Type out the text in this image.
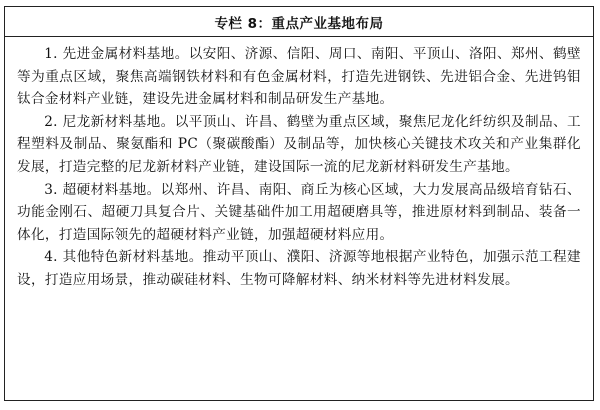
专栏 8：重点产业基地布局

1. 先进金属材料基地。以安阳、济源、信阳、周口、南阳、平顶山、洛阳、郑州、鹤壁等为重点区域，聚焦高端钢铁材料和有色金属材料，打造先进钢铁、先进铝合金、先进钨钼钛合金材料产业链，建设先进金属材料和制品研发生产基地。

2. 尼龙新材料基地。以平顶山、许昌、鹤壁为重点区域，聚焦尼龙化纤纺织及制品、工程塑料及制品、聚氨酯和 PC（聚碳酸酯）及制品等，加快核心关键技术攻关和产业集群化发展，打造完整的尼龙新材料产业链，建设国际一流的尼龙新材料研发生产基地。

3. 超硬材料基地。以郑州、许昌、南阳、商丘为核心区域，大力发展高品级培育钻石、功能金刚石、超硬刀具复合片、关键基础件加工用超硬磨具等，推进原材料到制品、装备一体化，打造国际领先的超硬材料产业链，加强超硬材料应用。

4. 其他特色新材料基地。推动平顶山、濮阳、济源等地根据产业特色，加强示范工程建设，打造应用场景，推动碳硅材料、生物可降解材料、纳米材料等先进材料发展。
